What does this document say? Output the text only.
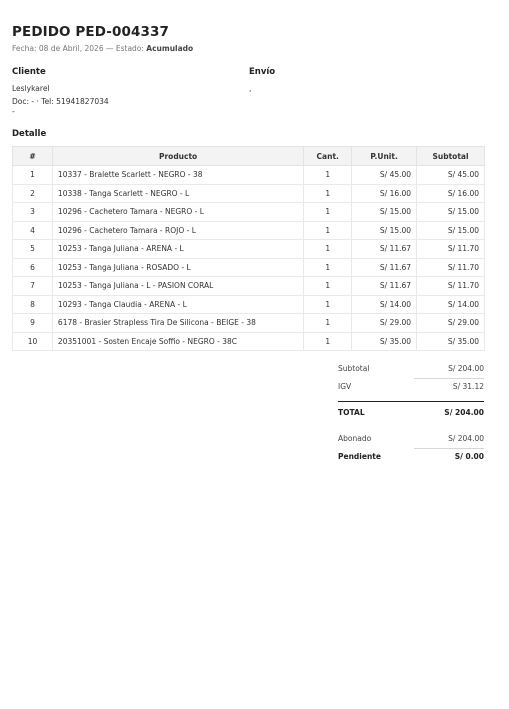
PEDIDO PED-004337
Fecha: 08 de Abril, 2026 — Estado: Acumulado
Cliente
Leslykarel
Doc: - · Tel: 51941827034
-
Envío
,
Detalle
#	Producto	Cant.	P.Unit.	Subtotal
1	10337 - Bralette Scarlett - NEGRO - 38	1	S/ 45.00	S/ 45.00
2	10338 - Tanga Scarlett - NEGRO - L	1	S/ 16.00	S/ 16.00
3	10296 - Cachetero Tamara - NEGRO - L	1	S/ 15.00	S/ 15.00
4	10296 - Cachetero Tamara - ROJO - L	1	S/ 15.00	S/ 15.00
5	10253 - Tanga Juliana - ARENA - L	1	S/ 11.67	S/ 11.70
6	10253 - Tanga Juliana - ROSADO - L	1	S/ 11.67	S/ 11.70
7	10253 - Tanga Juliana - L - PASION CORAL	1	S/ 11.67	S/ 11.70
8	10293 - Tanga Claudia - ARENA - L	1	S/ 14.00	S/ 14.00
9	6178 - Brasier Strapless Tira De Silicona - BEIGE - 38	1	S/ 29.00	S/ 29.00
10	20351001 - Sosten Encaje Soffio - NEGRO - 38C	1	S/ 35.00	S/ 35.00
Subtotal	S/ 204.00
IGV	S/ 31.12
TOTAL	S/ 204.00
Abonado	S/ 204.00
Pendiente	S/ 0.00
